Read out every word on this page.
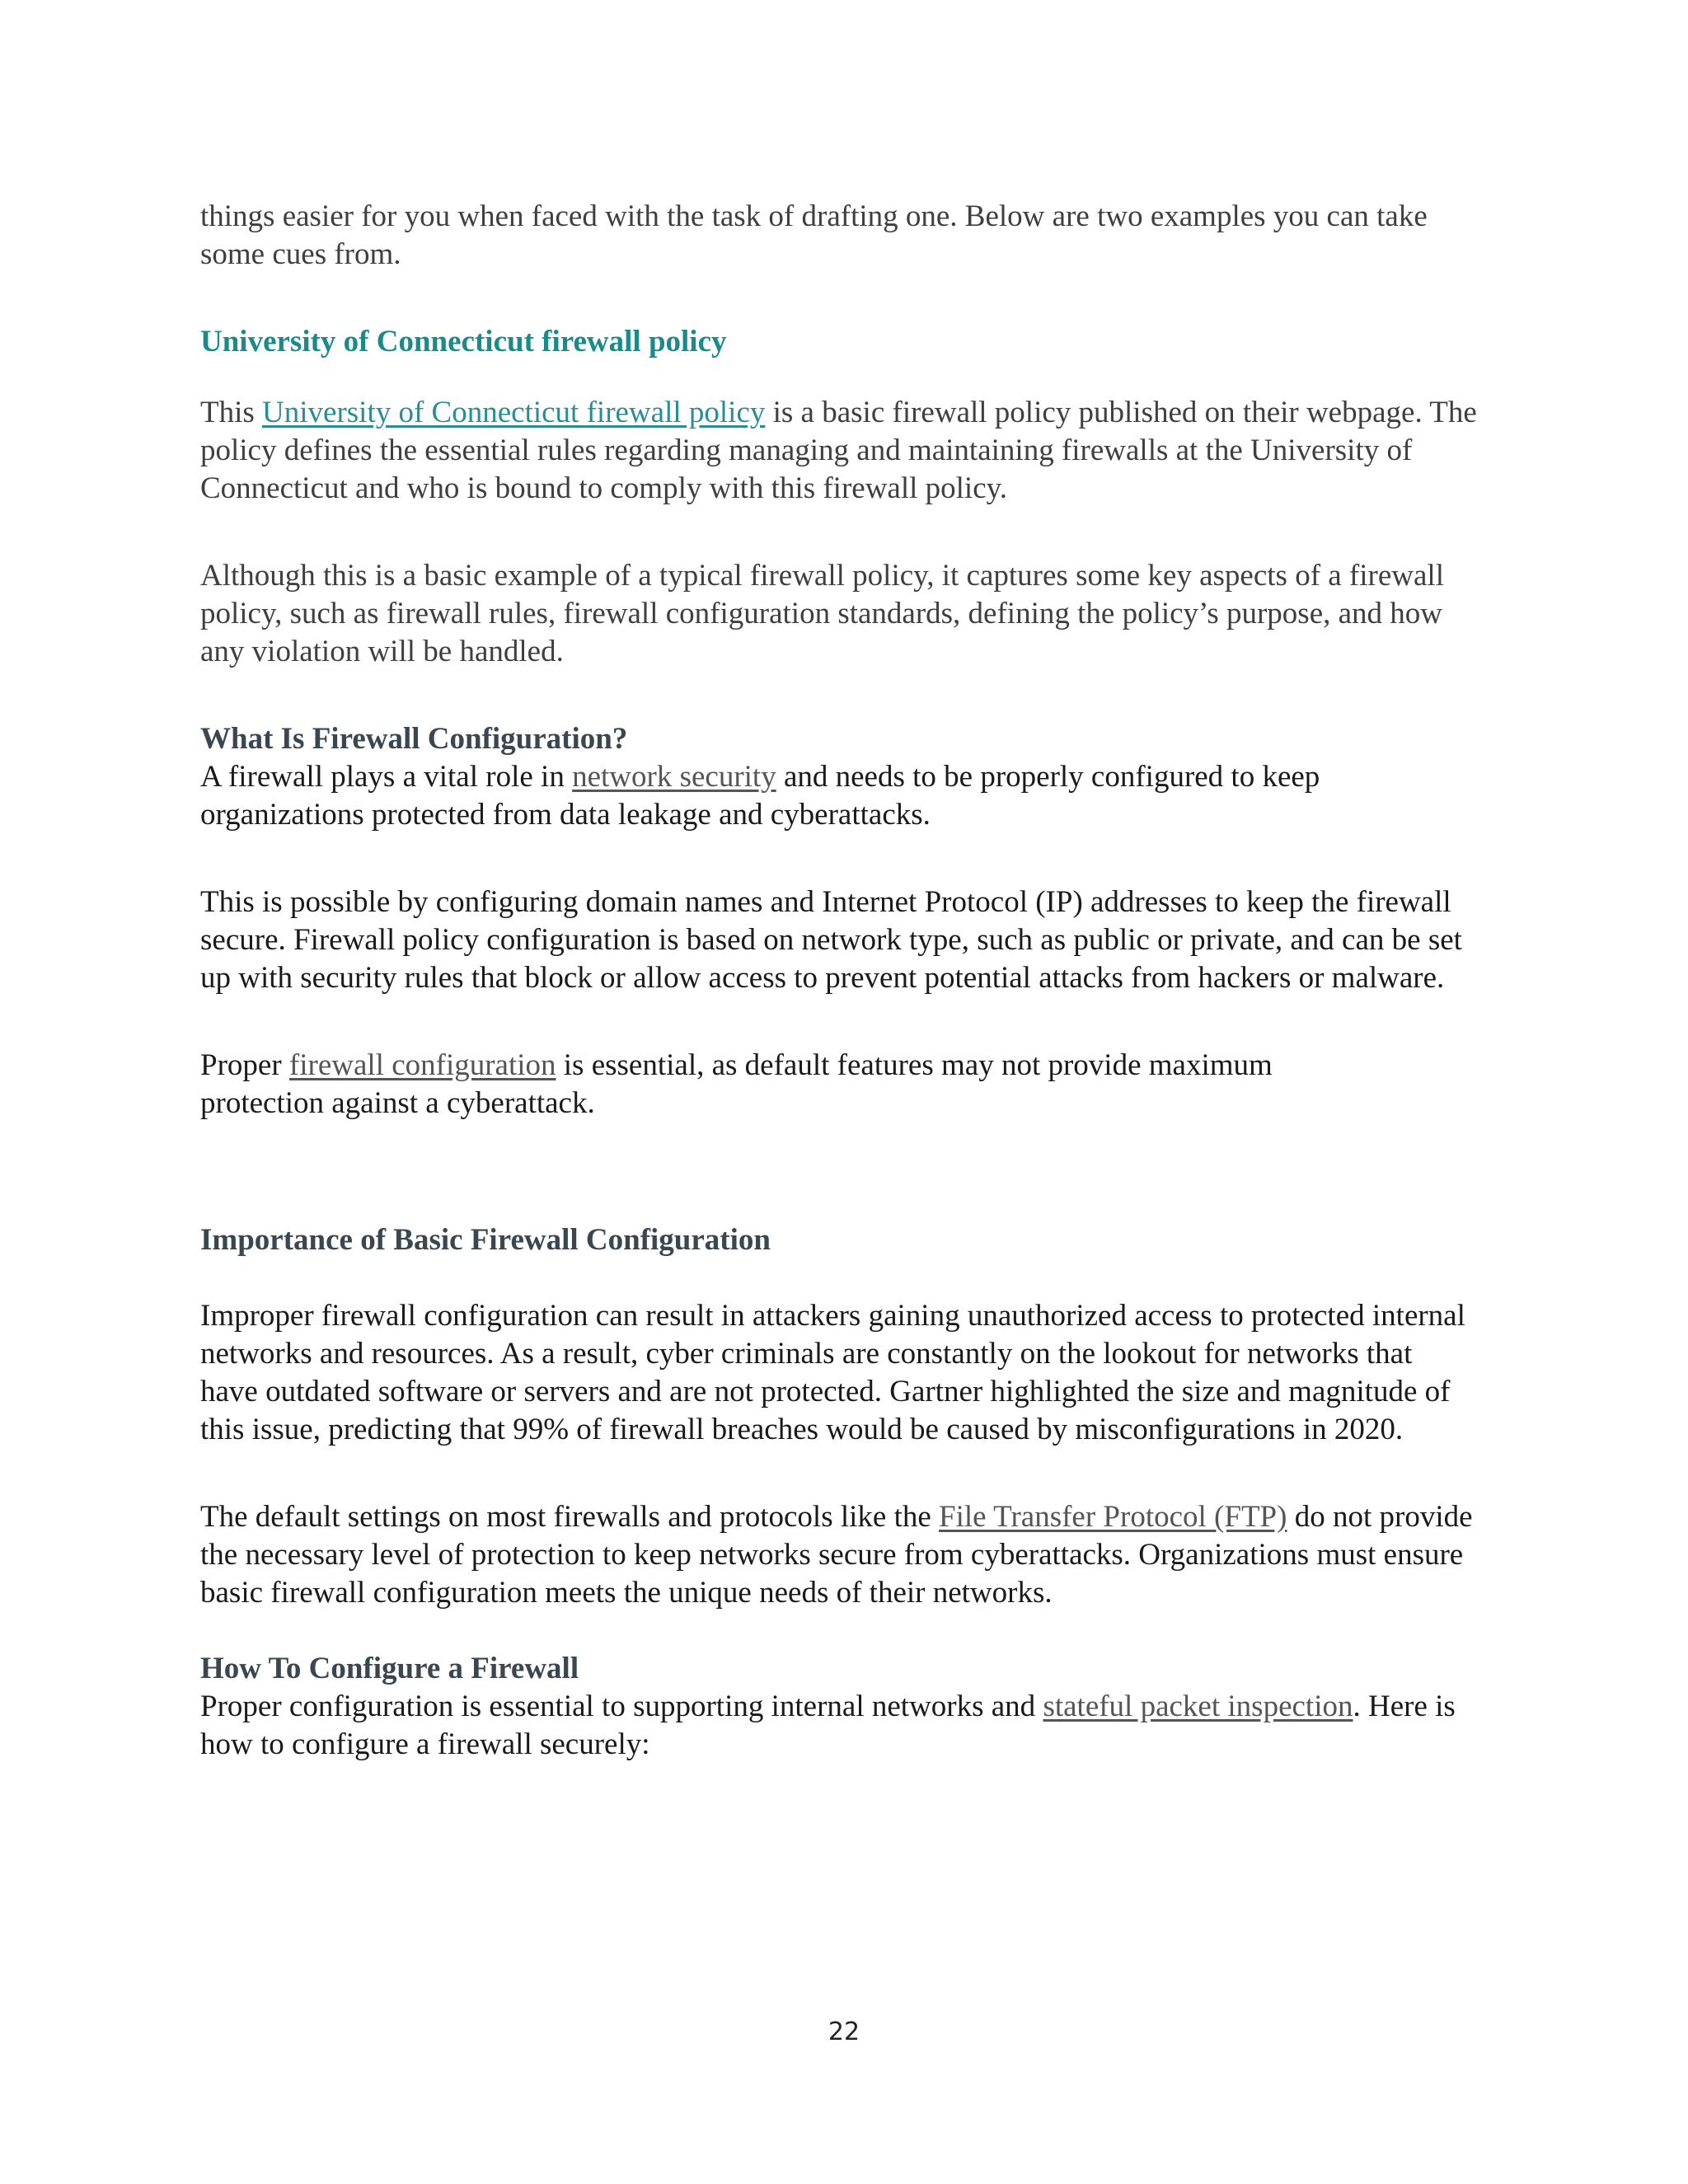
things easier for you when faced with the task of drafting one. Below are two examples you can take some cues from.

University of Connecticut firewall policy

This University of Connecticut firewall policy is a basic firewall policy published on their webpage. The policy defines the essential rules regarding managing and maintaining firewalls at the University of Connecticut and who is bound to comply with this firewall policy.

Although this is a basic example of a typical firewall policy, it captures some key aspects of a firewall policy, such as firewall rules, firewall configuration standards, defining the policy’s purpose, and how any violation will be handled.

What Is Firewall Configuration?

A firewall plays a vital role in network security and needs to be properly configured to keep organizations protected from data leakage and cyberattacks.

This is possible by configuring domain names and Internet Protocol (IP) addresses to keep the firewall secure. Firewall policy configuration is based on network type, such as public or private, and can be set up with security rules that block or allow access to prevent potential attacks from hackers or malware.

Proper firewall configuration is essential, as default features may not provide maximum protection against a cyberattack.

Importance of Basic Firewall Configuration

Improper firewall configuration can result in attackers gaining unauthorized access to protected internal networks and resources. As a result, cyber criminals are constantly on the lookout for networks that have outdated software or servers and are not protected. Gartner highlighted the size and magnitude of this issue, predicting that 99% of firewall breaches would be caused by misconfigurations in 2020.

The default settings on most firewalls and protocols like the File Transfer Protocol (FTP) do not provide the necessary level of protection to keep networks secure from cyberattacks. Organizations must ensure basic firewall configuration meets the unique needs of their networks.

How To Configure a Firewall

Proper configuration is essential to supporting internal networks and stateful packet inspection. Here is how to configure a firewall securely:

22
